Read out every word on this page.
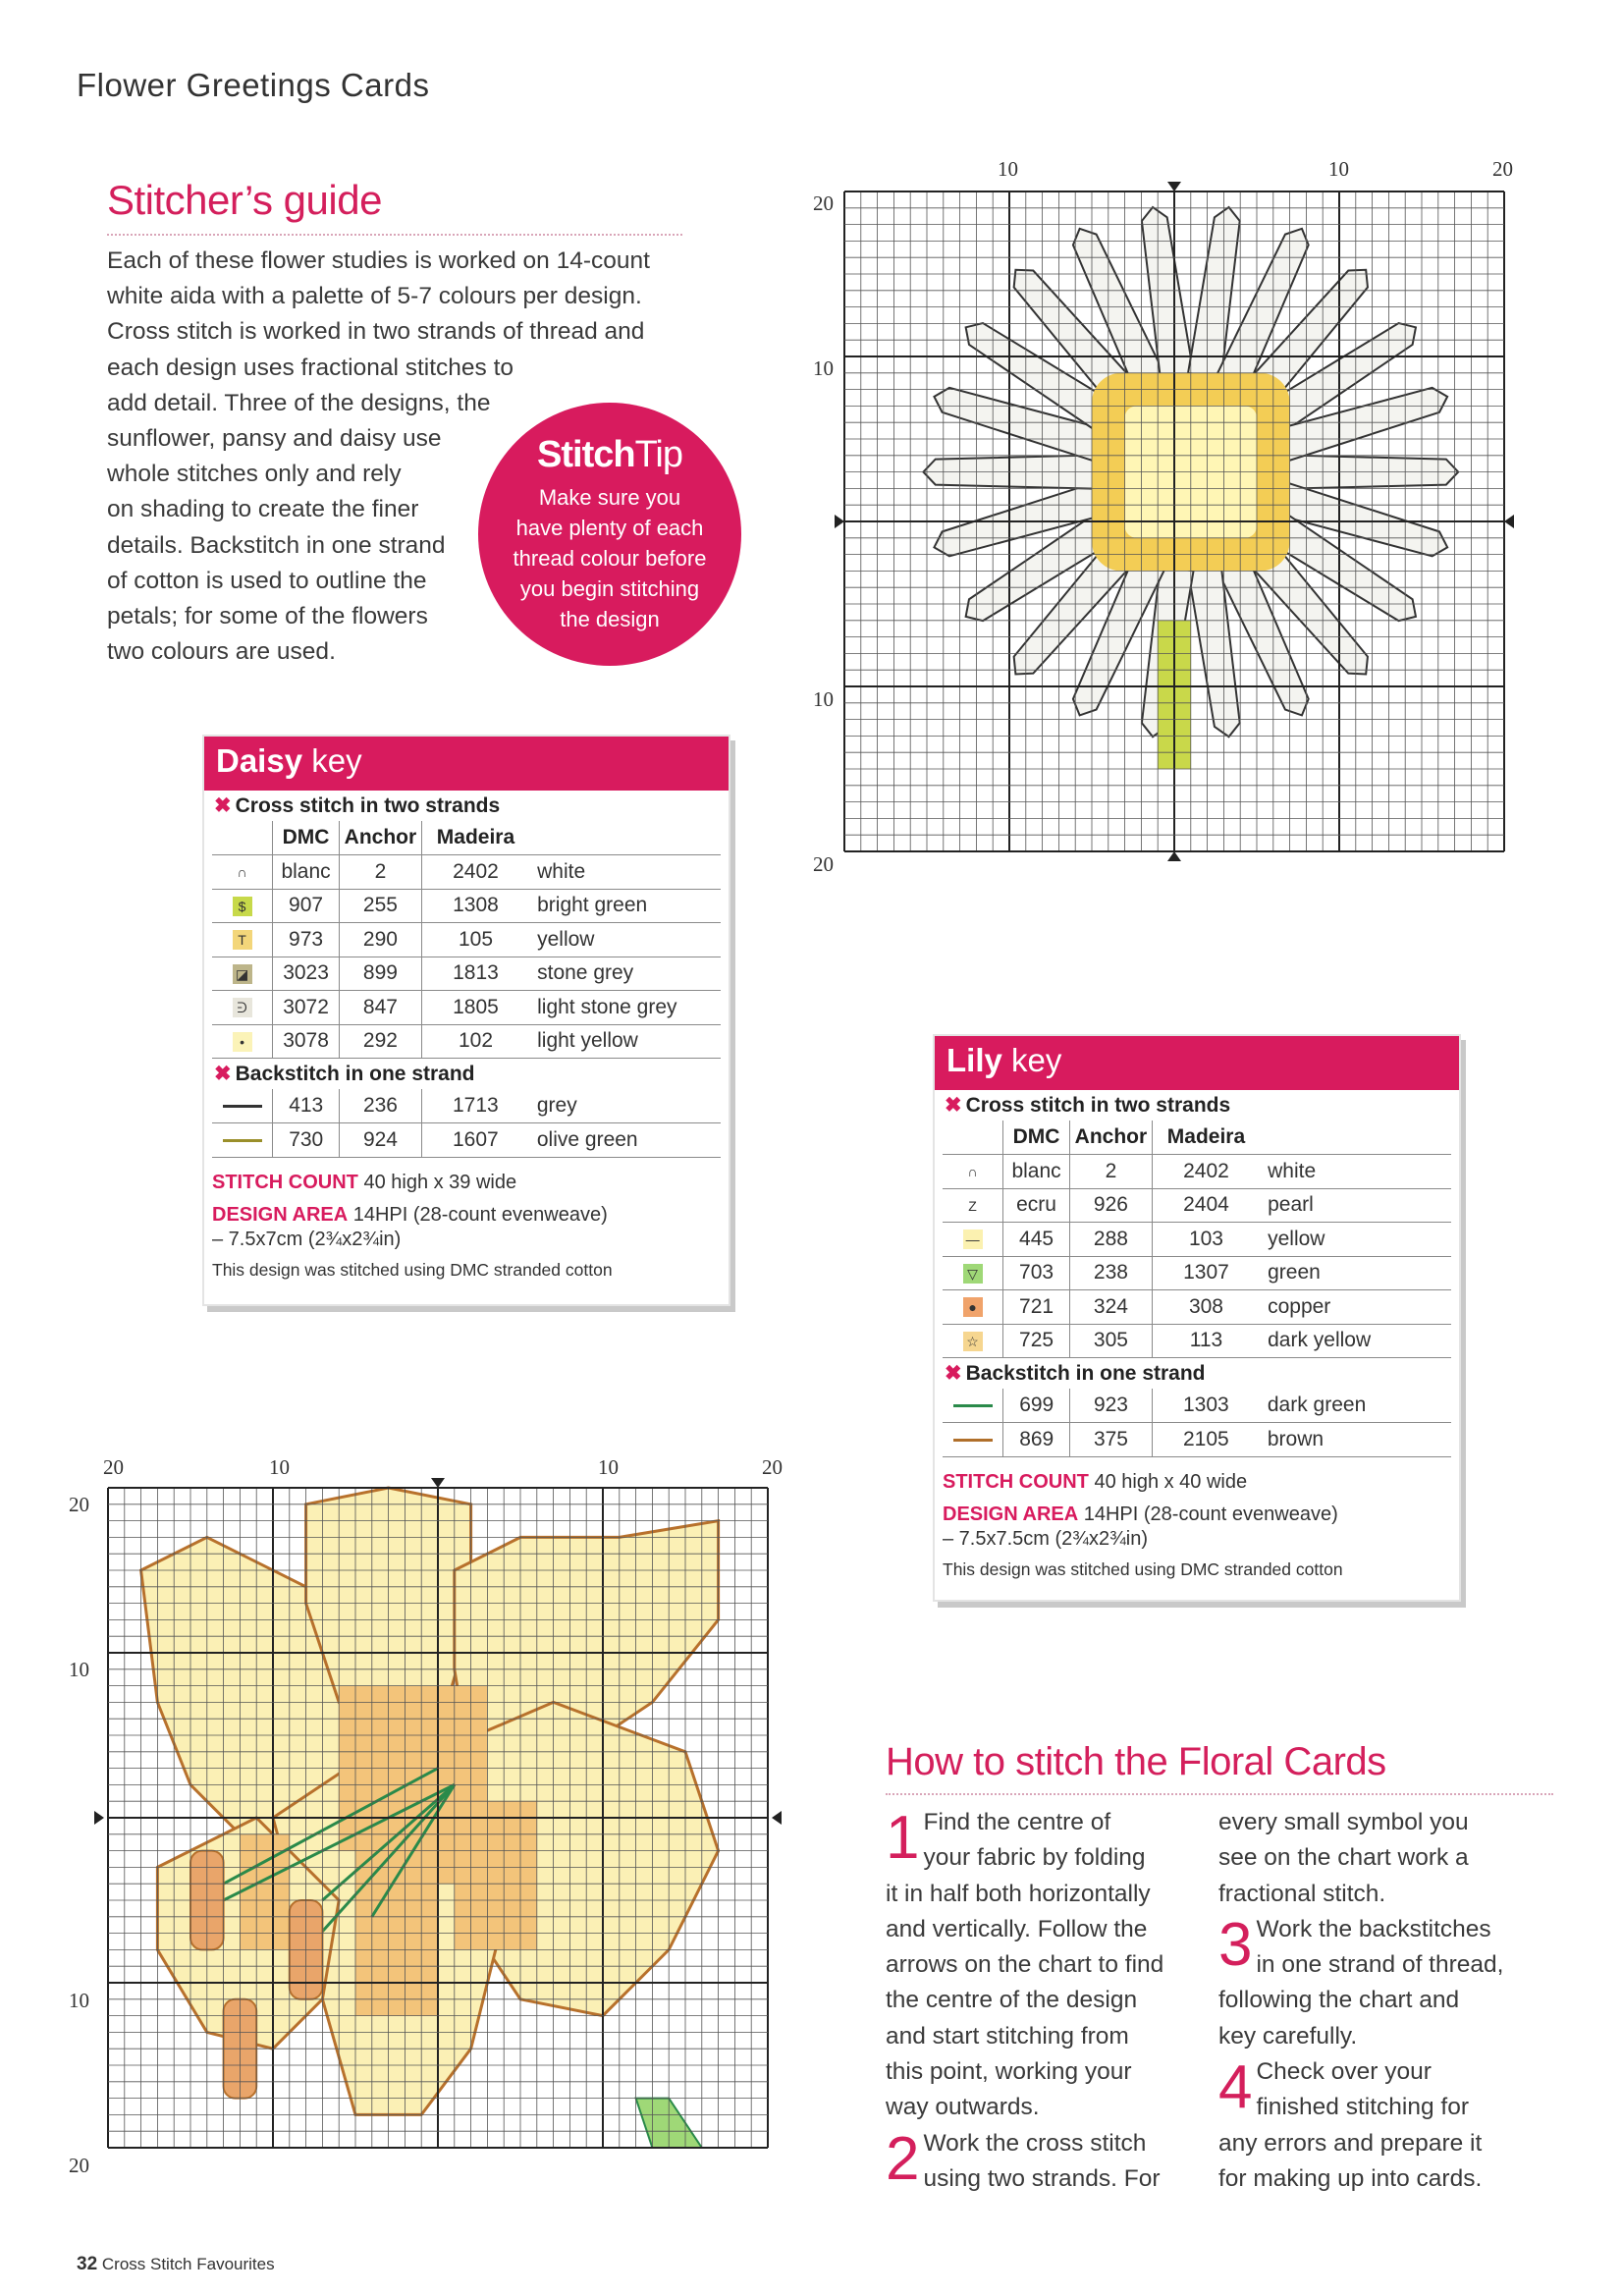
Flower Greetings Cards
Stitcher’s guide
Each of these flower studies is worked on 14-count
white aida with a palette of 5-7 colours per design.
Cross stitch is worked in two strands of thread and
each design uses fractional stitches to
add detail. Three of the designs, the
sunflower, pansy and daisy use
whole stitches only and rely
on shading to create the finer
details. Backstitch in one strand
of cotton is used to outline the
petals; for some of the flowers
two colours are used.
StitchTip
Make sure you
have plenty of each
thread colour before
you begin stitching
the design
Daisy key
✖ Cross stitch in two strands
	DMC	Anchor	Madeira	
∩	blanc	2	2402	white
$	907	255	1308	bright green
T	973	290	105	yellow
◪	3023	899	1813	stone grey
ᕭ	3072	847	1805	light stone grey
•	3078	292	102	light yellow
✖ Backstitch in one strand
	413	236	1713	grey
	730	924	1607	olive green
STITCH COUNT 40 high x 39 wide
DESIGN AREA 14HPI (28-count evenweave)
– 7.5x7cm (2¾x2¾in)
This design was stitched using DMC stranded cotton
Lily key
✖ Cross stitch in two strands
	DMC	Anchor	Madeira	
∩	blanc	2	2402	white
Z	ecru	926	2404	pearl
—	445	288	103	yellow
▽	703	238	1307	green
●	721	324	308	copper
☆	725	305	113	dark yellow
✖ Backstitch in one strand
	699	923	1303	dark green
	869	375	2105	brown
STITCH COUNT 40 high x 40 wide
DESIGN AREA 14HPI (28-count evenweave)
– 7.5x7.5cm (2¾x2¾in)
This design was stitched using DMC stranded cotton
10	10	20
20
10
10
20
20	10	10	20
20
10
10
20
How to stitch the Floral Cards
1 Find the centre of
your fabric by folding
it in half both horizontally
and vertically. Follow the
arrows on the chart to find
the centre of the design
and start stitching from
this point, working your
way outwards.
2 Work the cross stitch
using two strands. For
every small symbol you
see on the chart work a
fractional stitch.
3 Work the backstitches
in one strand of thread,
following the chart and
key carefully.
4 Check over your
finished stitching for
any errors and prepare it
for making up into cards.
32 Cross Stitch Favourites
